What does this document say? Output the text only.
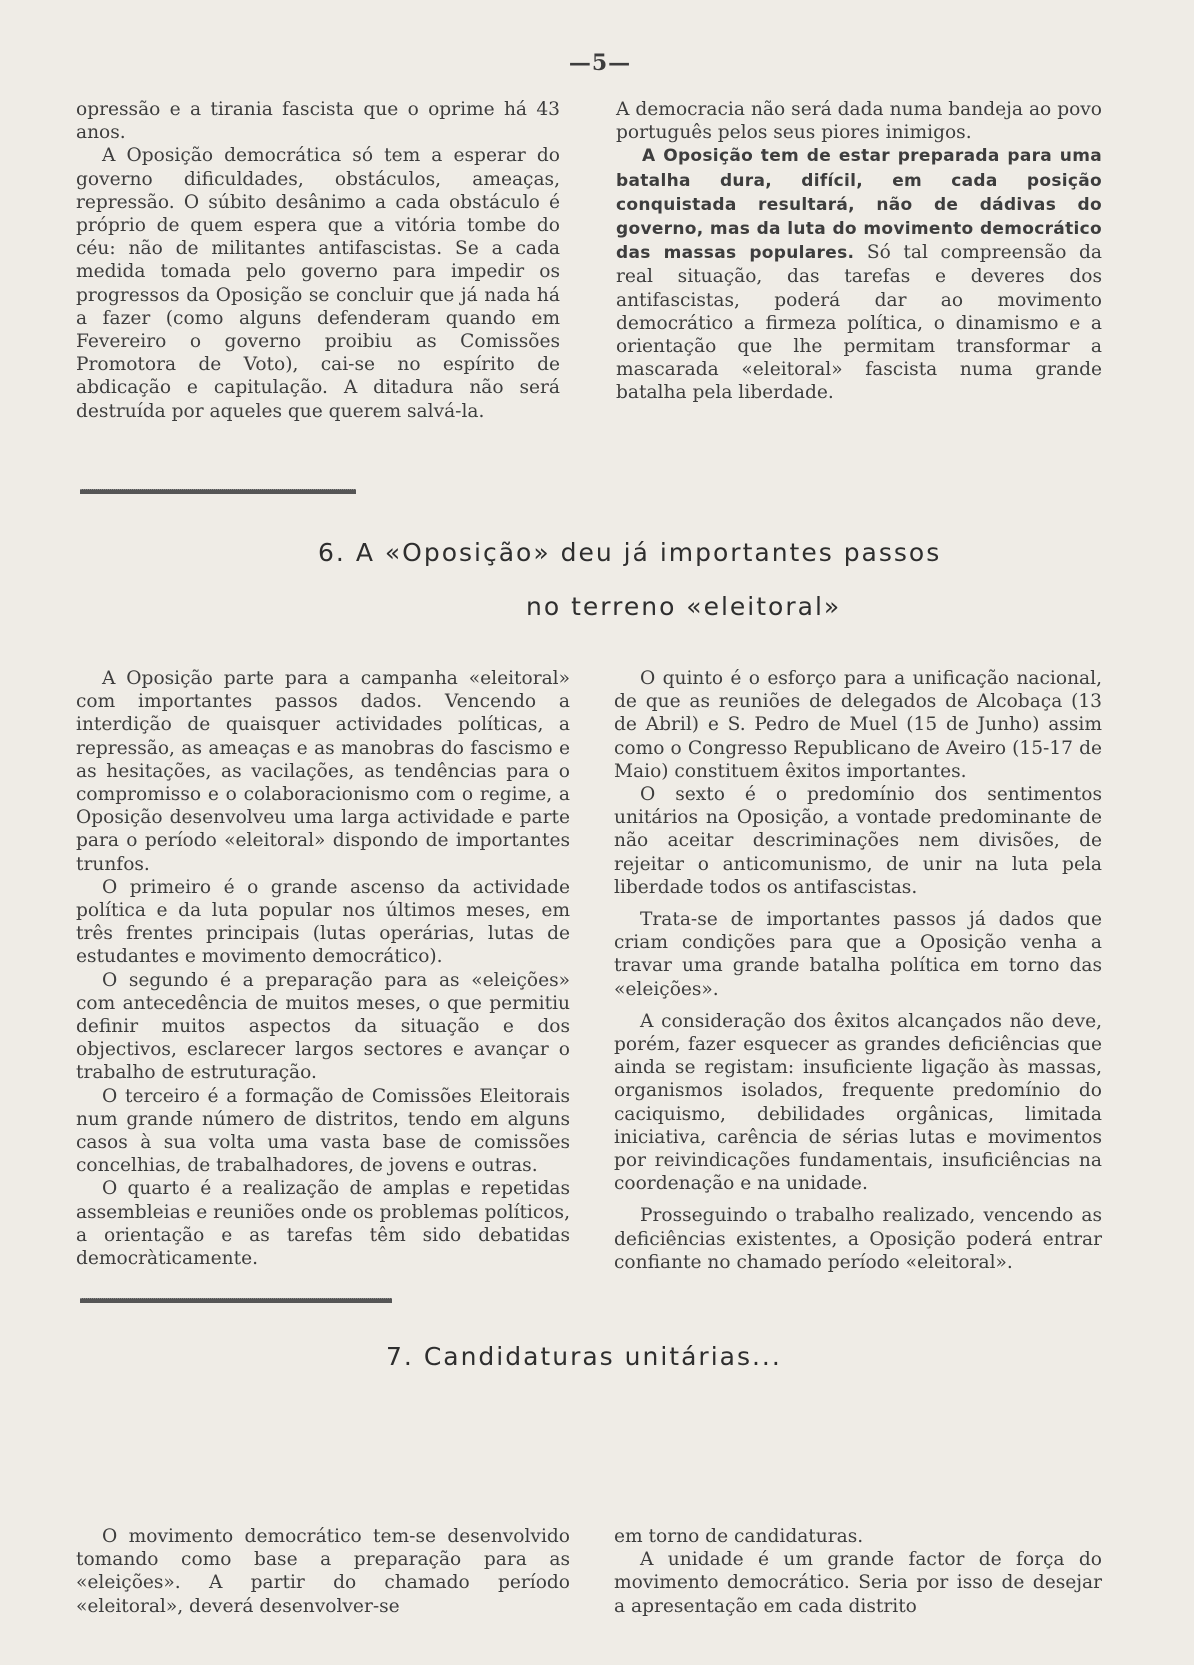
—5—

opressão e a tirania fascista que o oprime há 43 anos.

A Oposição democrática só tem a esperar do governo dificuldades, obstáculos, ameaças, repressão. O súbito desânimo a cada obstáculo é próprio de quem espera que a vitória tombe do céu: não de militantes antifascistas. Se a cada medida tomada pelo governo para impedir os progressos da Oposição se concluir que já nada há a fazer (como alguns defenderam quando em Fevereiro o governo proibiu as Comissões Promotora de Voto), cai-se no espírito de abdicação e capitulação. A ditadura não será destruída por aqueles que querem salvá-la.

A democracia não será dada numa bandeja ao povo português pelos seus piores inimigos.

A Oposição tem de estar preparada para uma batalha dura, difícil, em cada posição conquistada resultará, não de dádivas do governo, mas da luta do movimento democrático das massas populares. Só tal compreensão da real situação, das tarefas e deveres dos antifascistas, poderá dar ao movimento democrático a firmeza política, o dinamismo e a orientação que lhe permitam transformar a mascarada «eleitoral» fascista numa grande batalha pela liberdade.

6. A «Oposição» deu já importantes passos
no terreno «eleitoral»

A Oposição parte para a campanha «eleitoral» com importantes passos dados. Vencendo a interdição de quaisquer actividades políticas, a repressão, as ameaças e as manobras do fascismo e as hesitações, as vacilações, as tendências para o compromisso e o colaboracionismo com o regime, a Oposição desenvolveu uma larga actividade e parte para o período «eleitoral» dispondo de importantes trunfos.

O primeiro é o grande ascenso da actividade política e da luta popular nos últimos meses, em três frentes principais (lutas operárias, lutas de estudantes e movimento democrático).

O segundo é a preparação para as «eleições» com antecedência de muitos meses, o que permitiu definir muitos aspectos da situação e dos objectivos, esclarecer largos sectores e avançar o trabalho de estruturação.

O terceiro é a formação de Comissões Eleitorais num grande número de distritos, tendo em alguns casos à sua volta uma vasta base de comissões concelhias, de trabalhadores, de jovens e outras.

O quarto é a realização de amplas e repetidas assembleias e reuniões onde os problemas políticos, a orientação e as tarefas têm sido debatidas democràticamente.

O quinto é o esforço para a unificação nacional, de que as reuniões de delegados de Alcobaça (13 de Abril) e S. Pedro de Muel (15 de Junho) assim como o Congresso Republicano de Aveiro (15-17 de Maio) constituem êxitos importantes.

O sexto é o predomínio dos sentimentos unitários na Oposição, a vontade predominante de não aceitar descriminações nem divisões, de rejeitar o anticomunismo, de unir na luta pela liberdade todos os antifascistas.

Trata-se de importantes passos já dados que criam condições para que a Oposição venha a travar uma grande batalha política em torno das «eleições».

A consideração dos êxitos alcançados não deve, porém, fazer esquecer as grandes deficiências que ainda se registam: insuficiente ligação às massas, organismos isolados, frequente predomínio do caciquismo, debilidades orgânicas, limitada iniciativa, carência de sérias lutas e movimentos por reivindicações fundamentais, insuficiências na coordenação e na unidade.

Prosseguindo o trabalho realizado, vencendo as deficiências existentes, a Oposição poderá entrar confiante no chamado período «eleitoral».

7. Candidaturas unitárias...

O movimento democrático tem-se desenvolvido tomando como base a preparação para as «eleições». A partir do chamado período «eleitoral», deverá desenvolver-se

em torno de candidaturas.

A unidade é um grande factor de força do movimento democrático. Seria por isso de desejar a apresentação em cada distrito
